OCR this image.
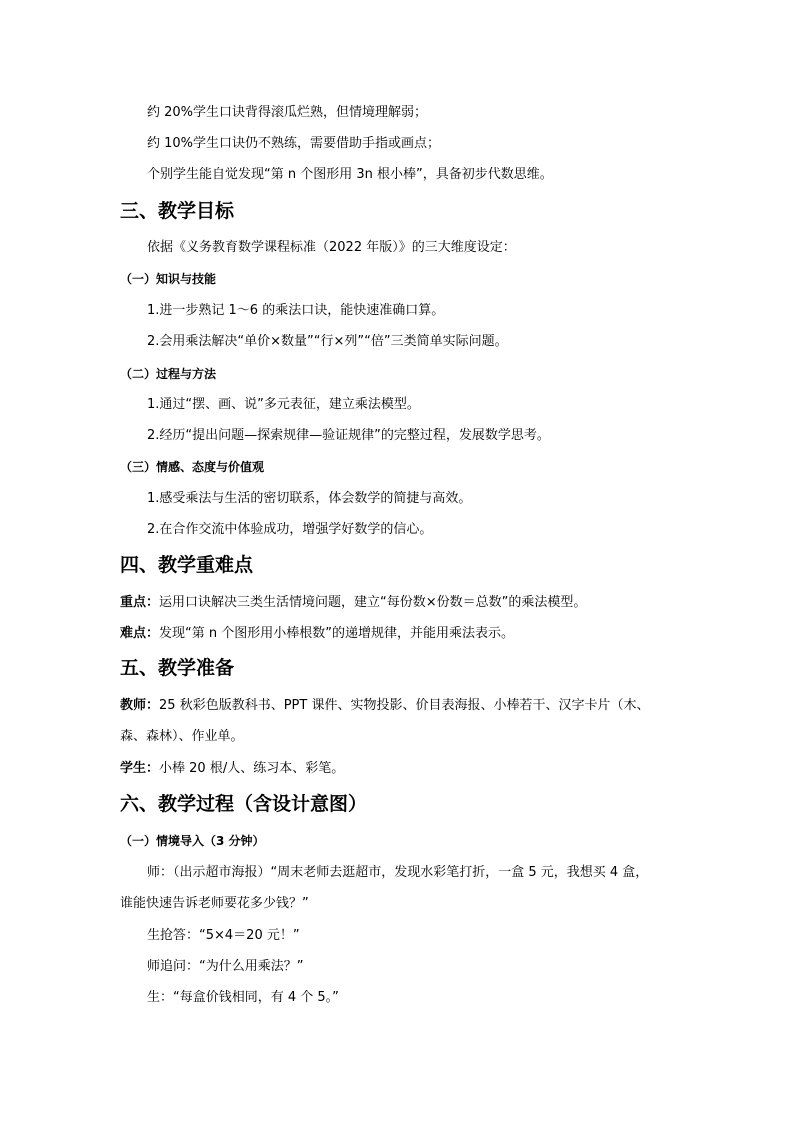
约 20%学生口诀背得滚瓜烂熟，但情境理解弱；
约 10%学生口诀仍不熟练，需要借助手指或画点；
个别学生能自觉发现“第 n 个图形用 3n 根小棒”，具备初步代数思维。
三、教学目标
依据《义务教育数学课程标准（2022 年版）》的三大维度设定：
（一）知识与技能
1.进一步熟记 1～6 的乘法口诀，能快速准确口算。
2.会用乘法解决“单价×数量”“行×列”“倍”三类简单实际问题。
（二）过程与方法
1.通过“摆、画、说”多元表征，建立乘法模型。
2.经历“提出问题—探索规律—验证规律”的完整过程，发展数学思考。
（三）情感、态度与价值观
1.感受乘法与生活的密切联系，体会数学的简捷与高效。
2.在合作交流中体验成功，增强学好数学的信心。
四、教学重难点
重点：运用口诀解决三类生活情境问题，建立“每份数×份数＝总数”的乘法模型。
难点：发现“第 n 个图形用小棒根数”的递增规律，并能用乘法表示。
五、教学准备
教师：25 秋彩色版教科书、PPT 课件、实物投影、价目表海报、小棒若干、汉字卡片（木、
森、森林）、作业单。
学生：小棒 20 根/人、练习本、彩笔。
六、教学过程（含设计意图）
（一）情境导入（3 分钟）
师：（出示超市海报）“周末老师去逛超市，发现水彩笔打折，一盒 5 元，我想买 4 盒，
谁能快速告诉老师要花多少钱？”
生抢答：“5×4＝20 元！”
师追问：“为什么用乘法？”
生：“每盒价钱相同，有 4 个 5。”
